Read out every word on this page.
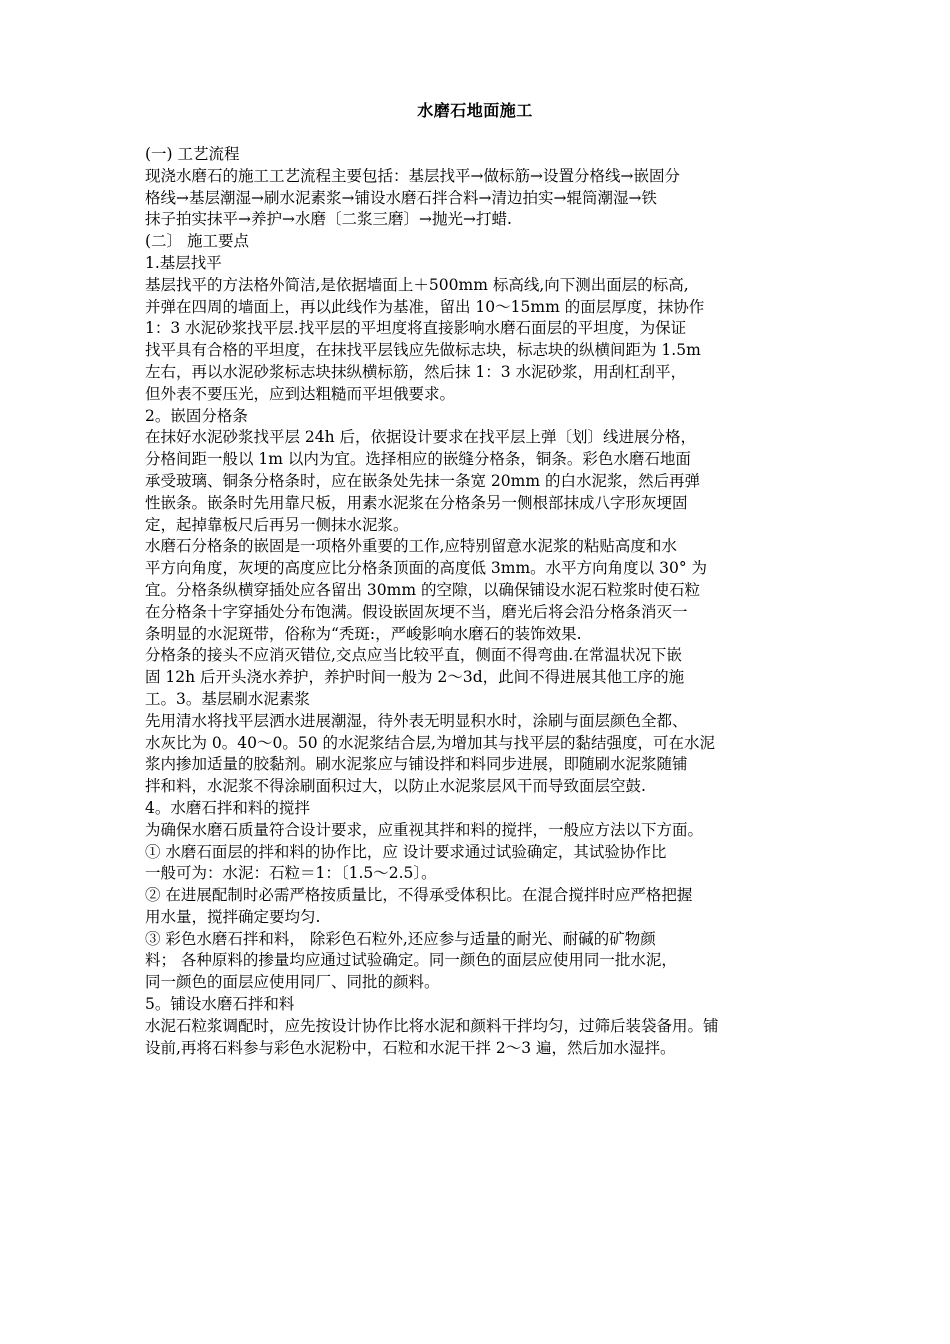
水磨石地面施工
(一) 工艺流程
现浇水磨石的施工工艺流程主要包括：基层找平→做标筋→设置分格线→嵌固分
格线→基层潮湿→刷水泥素浆→铺设水磨石拌合料→清边拍实→辊筒潮湿→铁
抹子拍实抹平→养护→水磨〔二浆三磨〕→抛光→打蜡.
(二〕 施工要点
1.基层找平
基层找平的方法格外简洁,是依据墙面上＋500mm 标高线,向下测出面层的标高,
并弹在四周的墙面上，再以此线作为基准，留出 10～15mm 的面层厚度，抹协作
1：3 水泥砂浆找平层.找平层的平坦度将直接影响水磨石面层的平坦度，为保证
找平具有合格的平坦度，在抹找平层钱应先做标志块，标志块的纵横间距为 1.5m
左右，再以水泥砂浆标志块抹纵横标筋，然后抹 1：3 水泥砂浆，用刮杠刮平，
但外表不要压光，应到达粗糙而平坦俄要求。
2。嵌固分格条
在抹好水泥砂浆找平层 24h 后，依据设计要求在找平层上弹〔划〕线进展分格，
分格间距一般以 1m 以内为宜。选择相应的嵌缝分格条，铜条。彩色水磨石地面
承受玻璃、铜条分格条时，应在嵌条处先抹一条宽 20mm 的白水泥浆，然后再弹
性嵌条。嵌条时先用靠尺板，用素水泥浆在分格条另一侧根部抹成八字形灰埂固
定，起掉靠板尺后再另一侧抹水泥浆。
水磨石分格条的嵌固是一项格外重要的工作,应特别留意水泥浆的粘贴高度和水
平方向角度，灰埂的高度应比分格条顶面的高度低 3mm。水平方向角度以 30° 为
宜。分格条纵横穿插处应各留出 30mm 的空隙，以确保铺设水泥石粒浆时使石粒
在分格条十字穿插处分布饱满。假设嵌固灰埂不当，磨光后将会沿分格条消灭一
条明显的水泥斑带，俗称为“秃斑:，严峻影响水磨石的装饰效果.
分格条的接头不应消灭错位,交点应当比较平直，侧面不得弯曲.在常温状况下嵌
固 12h 后开头浇水养护，养护时间一般为 2～3d，此间不得进展其他工序的施
工。3。基层刷水泥素浆
先用清水将找平层洒水进展潮湿，待外表无明显积水时，涂刷与面层颜色全都、
水灰比为 0。40～0。50 的水泥浆结合层,为增加其与找平层的黏结强度，可在水泥
浆内掺加适量的胶黏剂。刷水泥浆应与铺设拌和料同步进展，即随刷水泥浆随铺
拌和料，水泥浆不得涂刷面积过大，以防止水泥浆层风干而导致面层空鼓.
4。水磨石拌和料的搅拌
为确保水磨石质量符合设计要求，应重视其拌和料的搅拌，一般应方法以下方面。
① 水磨石面层的拌和料的协作比，应 设计要求通过试验确定，其试验协作比
一般可为：水泥：石粒＝1：〔1.5～2.5〕。
② 在进展配制时必需严格按质量比，不得承受体积比。在混合搅拌时应严格把握
用水量，搅拌确定要均匀.
③ 彩色水磨石拌和料， 除彩色石粒外,还应参与适量的耐光、耐碱的矿物颜
料； 各种原料的掺量均应通过试验确定。同一颜色的面层应使用同一批水泥，
同一颜色的面层应使用同厂、同批的颜料。
5。铺设水磨石拌和料
水泥石粒浆调配时，应先按设计协作比将水泥和颜料干拌均匀，过筛后装袋备用。铺
设前,再将石料参与彩色水泥粉中，石粒和水泥干拌 2～3 遍，然后加水湿拌。
